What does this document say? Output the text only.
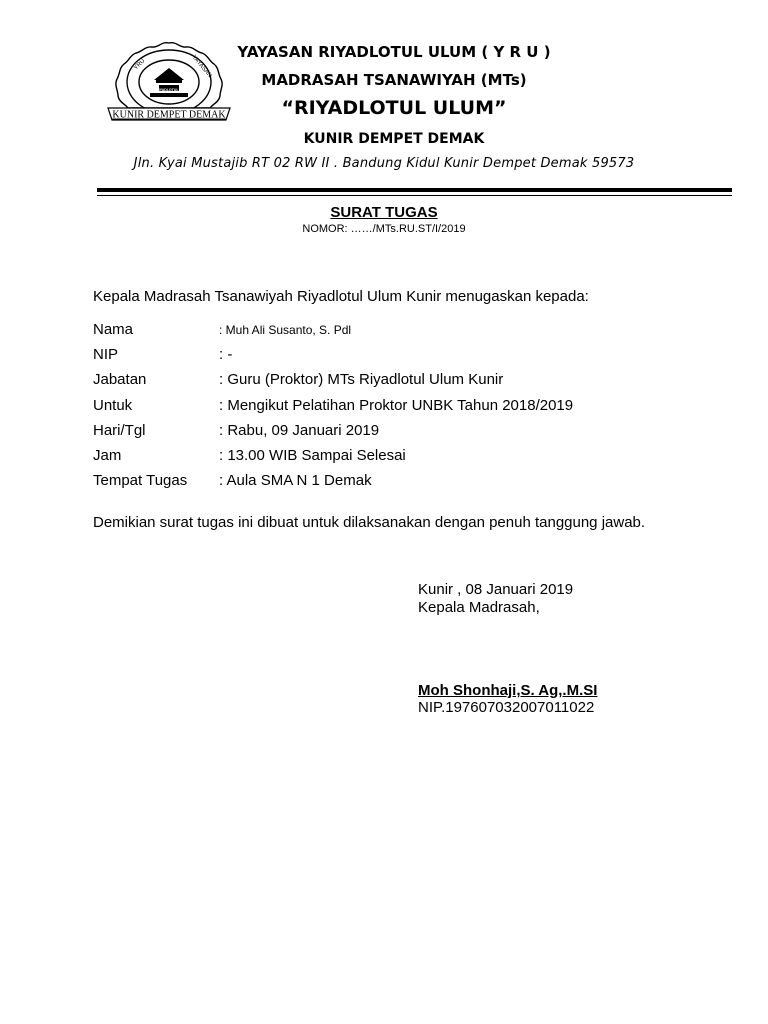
YRU	YAYASAN
MTs RIYADLOTUL ULUM
KUNIR DEMPET DEMAK
YAYASAN RIYADLOTUL ULUM ( Y R U )
MADRASAH TSANAWIYAH (MTs)
“RIYADLOTUL ULUM”
KUNIR DEMPET DEMAK
Jln. Kyai Mustajib RT 02 RW II . Bandung Kidul Kunir Dempet Demak 59573
SURAT TUGAS
NOMOR: ……/MTs.RU.ST/I/2019
Kepala Madrasah Tsanawiyah Riyadlotul Ulum Kunir menugaskan kepada:
Nama	: Muh Ali Susanto, S. Pdl
NIP	: -
Jabatan	: Guru (Proktor) MTs Riyadlotul Ulum Kunir
Untuk	: Mengikut Pelatihan Proktor UNBK Tahun 2018/2019
Hari/Tgl	: Rabu, 09 Januari 2019
Jam	: 13.00 WIB Sampai Selesai
Tempat Tugas : Aula SMA N 1 Demak
Demikian surat tugas ini dibuat untuk dilaksanakan dengan penuh tanggung jawab.
Kunir , 08 Januari 2019
Kepala Madrasah,
Moh Shonhaji,S. Ag,.M.SI
NIP.197607032007011022
